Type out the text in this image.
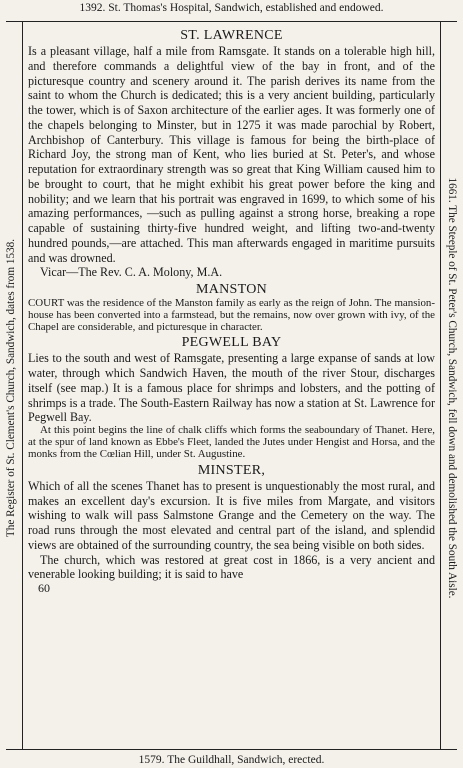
1392. St. Thomas's Hospital, Sandwich, established and endowed.
The Register of St. Clement's Church, Sandwich, dates from 1538.	1661. The Steeple of St. Peter's Church, Sandwich, fell down and demolished the South Aisle.
ST. LAWRENCE

Is a pleasant village, half a mile from Ramsgate. It stands on a tolerable high hill, and therefore commands a delightful view of the bay in front, and of the picturesque country and scenery around it. The parish derives its name from the saint to whom the Church is dedicated; this is a very ancient building, particularly the tower, which is of Saxon architecture of the earlier ages. It was formerly one of the chapels belonging to Minster, but in 1275 it was made parochial by Robert, Archbishop of Canterbury. This village is famous for being the birth-place of Richard Joy, the strong man of Kent, who lies buried at St. Peter's, and whose reputation for extraordinary strength was so great that King William caused him to be brought to court, that he might exhibit his great power before the king and nobility; and we learn that his portrait was engraved in 1699, to which some of his amazing performances, —such as pulling against a strong horse, breaking a rope capable of sustaining thirty-five hundred weight, and lifting two-and-twenty hundred pounds,—are attached. This man afterwards engaged in maritime pursuits and was drowned.

Vicar—The Rev. C. A. Molony, M.A.

MANSTON

COURT was the residence of the Manston family as early as the reign of John. The mansion-house has been converted into a farmstead, but the remains, now over grown with ivy, of the Chapel are considerable, and picturesque in character.

PEGWELL BAY

Lies to the south and west of Ramsgate, presenting a large expanse of sands at low water, through which Sandwich Haven, the mouth of the river Stour, discharges itself (see map.) It is a famous place for shrimps and lobsters, and the potting of shrimps is a trade. The South-Eastern Railway has now a station at St. Lawrence for Pegwell Bay.

At this point begins the line of chalk cliffs which forms the seaboundary of Thanet. Here, at the spur of land known as Ebbe's Fleet, landed the Jutes under Hengist and Horsa, and the monks from the Cœlian Hill, under St. Augustine.

MINSTER,

Which of all the scenes Thanet has to present is unquestionably the most rural, and makes an excellent day's excursion. It is five miles from Margate, and visitors wishing to walk will pass Salmstone Grange and the Cemetery on the way. The road runs through the most elevated and central part of the island, and splendid views are obtained of the surrounding country, the sea being visible on both sides.

The church, which was restored at great cost in 1866, is a very ancient and venerable looking building; it is said to have

60

1579. The Guildhall, Sandwich, erected.
